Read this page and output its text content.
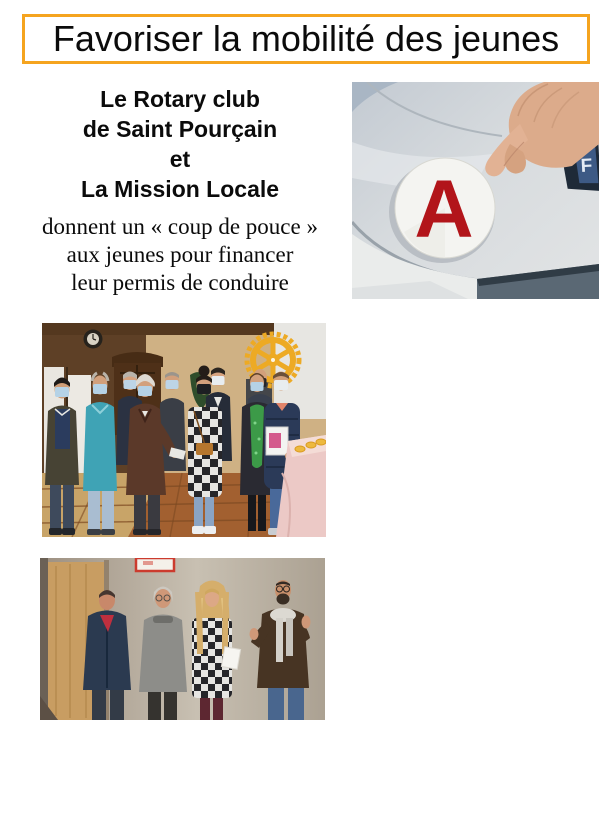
Favoriser la mobilité des jeunes
Le Rotary club
de Saint Pourçain
et
La Mission Locale
donnent un « coup de pouce »
aux jeunes pour financer
leur permis de conduire
F
A
